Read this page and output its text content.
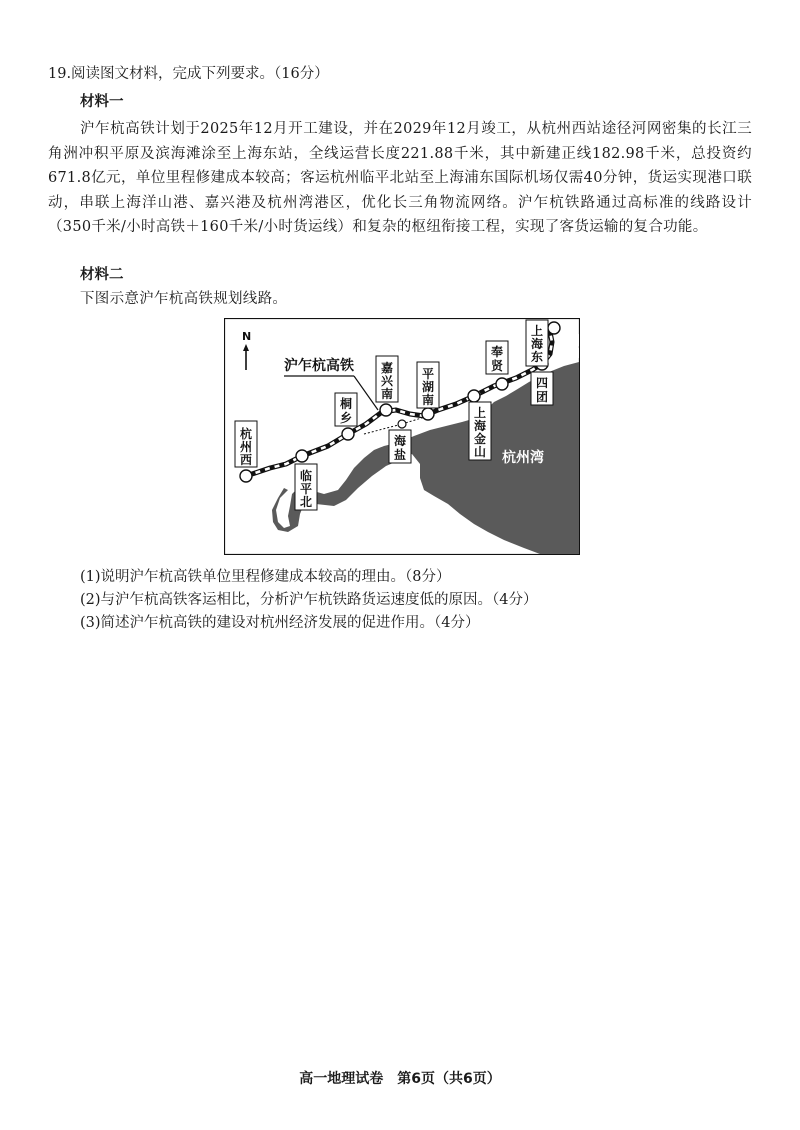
19.阅读图文材料，完成下列要求。（16分）
材料一
沪乍杭高铁计划于2025年12月开工建设，并在2029年12月竣工，从杭州西站途径河网密集的长江三角洲冲积平原及滨海滩涂至上海东站，全线运营长度221.88千米，其中新建正线182.98千米，总投资约671.8亿元，单位里程修建成本较高；客运杭州临平北站至上海浦东国际机场仅需40分钟，货运实现港口联动，串联上海洋山港、嘉兴港及杭州湾港区，优化长三角物流网络。沪乍杭铁路通过高标准的线路设计（350千米/小时高铁＋160千米/小时货运线）和复杂的枢纽衔接工程，实现了客货运输的复合功能。
材料二
下图示意沪乍杭高铁规划线路。
N
沪乍杭高铁
杭州湾
杭
州
西
临
平
北
桐
乡
嘉
兴
南
海
盐
平
湖
南
上
海
金
山
奉
贤
四
团
上
海
东
(1)说明沪乍杭高铁单位里程修建成本较高的理由。（8分）
(2)与沪乍杭高铁客运相比，分析沪乍杭铁路货运速度低的原因。（4分）
(3)简述沪乍杭高铁的建设对杭州经济发展的促进作用。（4分）
高一地理试卷　第6页（共6页）
